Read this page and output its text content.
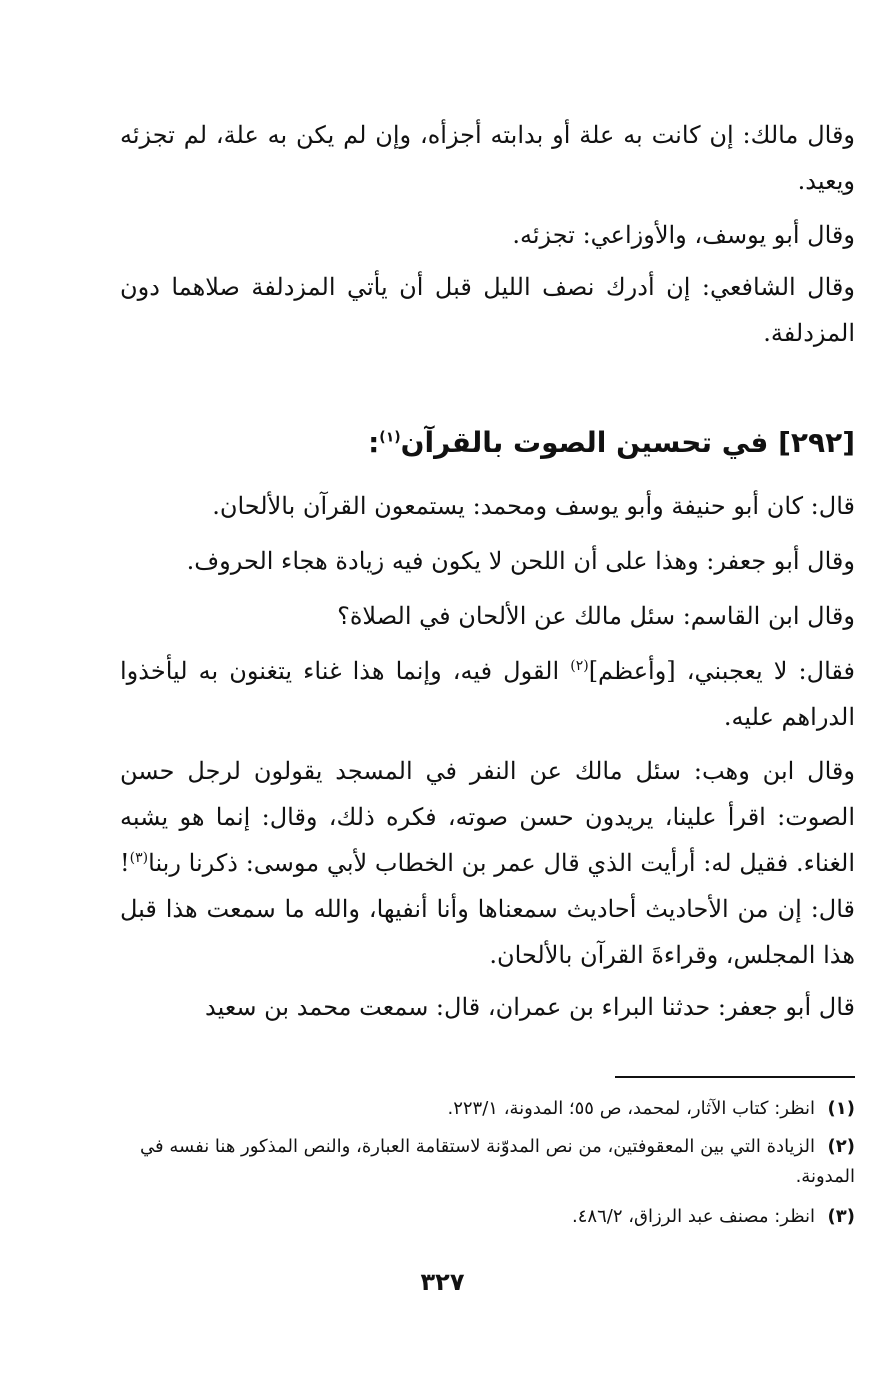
وقال مالك: إن كانت به علة أو بدابته أجزأه، وإن لم يكن به علة، لم تجزئه ويعيد.

وقال أبو يوسف، والأوزاعي: تجزئه.

وقال الشافعي: إن أدرك نصف الليل قبل أن يأتي المزدلفة صلاهما دون المزدلفة.

[٢٩٢] في تحسين الصوت بالقرآن$^{(١)}$:

قال: كان أبو حنيفة وأبو يوسف ومحمد: يستمعون القرآن بالألحان.

وقال أبو جعفر: وهذا على أن اللحن لا يكون فيه زيادة هجاء الحروف.

وقال ابن القاسم: سئل مالك عن الألحان في الصلاة؟

فقال: لا يعجبني، [وأعظم]$^{(٢)}$ القول فيه، وإنما هذا غناء يتغنون به ليأخذوا الدراهم عليه.

وقال ابن وهب: سئل مالك عن النفر في المسجد يقولون لرجل حسن الصوت: اقرأ علينا، يريدون حسن صوته، فكره ذلك، وقال: إنما هو يشبه الغناء. فقيل له: أرأيت الذي قال عمر بن الخطاب لأبي موسى: ذكرنا ربنا$^{(٣)}$! قال: إن من الأحاديث أحاديث سمعناها وأنا أنفيها، والله ما سمعت هذا قبل هذا المجلس، وقراءةَ القرآن بالألحان.

قال أبو جعفر: حدثنا البراء بن عمران، قال: سمعت محمد بن سعيد

(١)انظر: كتاب الآثار، لمحمد، ص ٥٥؛ المدونة، ٢٢٣/١.

(٢)الزيادة التي بين المعقوفتين، من نص المدوّنة لاستقامة العبارة، والنص المذكور هنا نفسه في المدونة.

(٣)انظر: مصنف عبد الرزاق، ٤٨٦/٢.

٣٢٧
